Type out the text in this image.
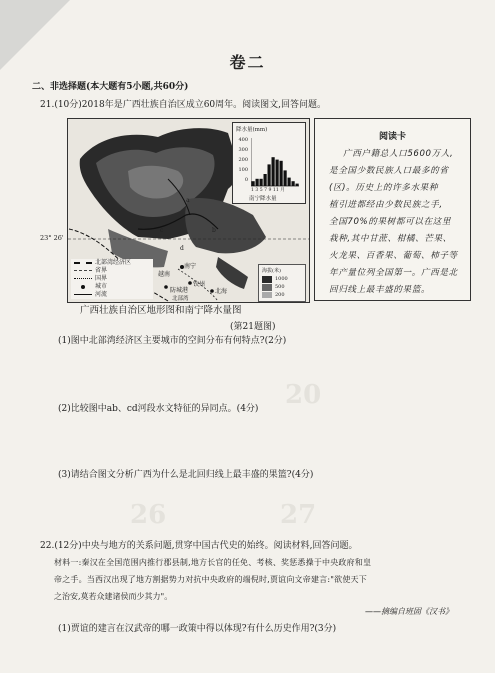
20
26	27
卷二
二、非选择题(本大题有5小题,共60分)
21.(10分)2018年是广西壮族自治区成立60周年。阅读图文,回答问题。
降水量(mm)
400
300
200
100
0
1 3 5 7 9 11 月
南宁降水量
a
b
c
d
南宁
防城港
钦州
北海
越南
北部湾
北部湾经济区
省界
国界
城市
河流
海拔(米)
1000
500
200
23° 26'
阅读卡
广西户籍总人口5600万人,
是全国少数民族人口最多的省
(区)。历史上的许多水果种
植引进都经由少数民族之手,
全国70%的果树都可以在这里
栽种,其中甘蔗、柑橘、芒果、
火龙果、百香果、葡萄、柿子等
年产量位列全国第一。广西是北
回归线上最丰盛的果篮。
广西壮族自治区地形图和南宁降水量图
(第21题图)
(1)图中北部湾经济区主要城市的空间分布有何特点?(2分)
(2)比较图中ab、cd河段水文特征的异同点。(4分)
(3)请结合图文分析广西为什么是北回归线上最丰盛的果篮?(4分)
22.(12分)中央与地方的关系问题,贯穿中国古代史的始终。阅读材料,回答问题。
材料一:秦汉在全国范围内推行郡县制,地方长官的任免、考核、奖惩悉操于中央政府和皇
帝之手。当西汉出现了地方割据势力对抗中央政府的端倪时,贾谊向文帝建言:"欲使天下
之治安,莫若众建诸侯而少其力"。
——摘编自班固《汉书》
(1)贾谊的建言在汉武帝的哪一政策中得以体现?有什么历史作用?(3分)
